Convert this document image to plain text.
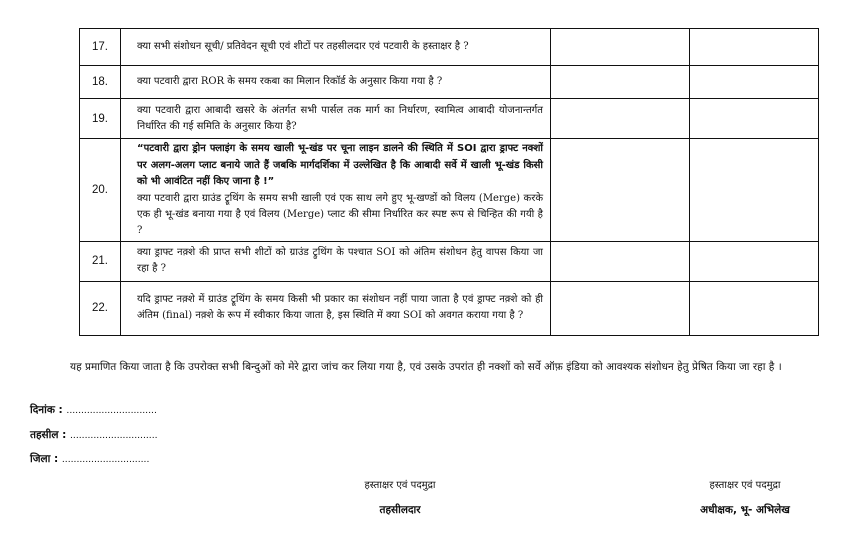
17.	क्या सभी संशोधन सूची/ प्रतिवेदन सूची एवं शीटों पर तहसीलदार एवं पटवारी के हस्ताक्षर है ?		
18.	क्या पटवारी द्वारा ROR के समय रकबा का मिलान रिकॉर्ड के अनुसार किया गया है ?		
19.	क्या पटवारी द्वारा आबादी खसरे के अंतर्गत सभी पार्सल तक मार्ग का निर्धारण, स्वामित्व आबादी योजनान्तर्गत निर्धारित की गई समिति के अनुसार किया है?		
20.	“पटवारी द्वारा ड्रोन फ्लाइंग के समय खाली भू-खंड पर चूना लाइन डालने की स्थिति में SOI द्वारा ड्राफ्ट नक्शों पर अलग-अलग प्लाट बनाये जाते हैं जबकि मार्गदर्शिका में उल्लेखित है कि आबादी सर्वे में खाली भू-खंड किसी को भी आवंटित नहीं किए जाना है !”
क्या पटवारी द्वारा ग्राउंड ट्रूथिंग के समय सभी खाली एवं एक साथ लगे हुए भू-खण्डों को विलय (Merge) करके एक ही भू-खंड बनाया गया है एवं विलय (Merge) प्लाट की सीमा निर्धारित कर स्पष्ट रूप से चिन्हित की गयी है ?		

21.	क्या ड्राफ्ट नक़्शे की प्राप्त सभी शीटों को ग्राउंड ट्रुथिंग के पश्चात SOI को अंतिम संशोधन हेतु वापस किया जा रहा है ?		
22.	यदि ड्राफ्ट नक़्शे में ग्राउंड ट्रूथिंग के समय किसी भी प्रकार का संशोधन नहीं पाया जाता है एवं ड्राफ्ट नक़्शे को ही अंतिम (final) नक़्शे के रूप में स्वीकार किया जाता है, इस स्थिति में क्या SOI को अवगत कराया गया है ?		
यह प्रमाणित किया जाता है कि उपरोक्त सभी बिन्दुओं को मेरे द्वारा जांच कर लिया गया है, एवं उसके उपरांत ही नक्शों को सर्वे ऑफ़ इंडिया को आवश्यक संशोधन हेतु प्रेषित किया जा रहा है ।
दिनांक : ...............................
तहसील : ..............................
जिला : ..............................
हस्ताक्षर एवं पदमुद्रा
तहसीलदार
हस्ताक्षर एवं पदमुद्रा
अधीक्षक, भू- अभिलेख
